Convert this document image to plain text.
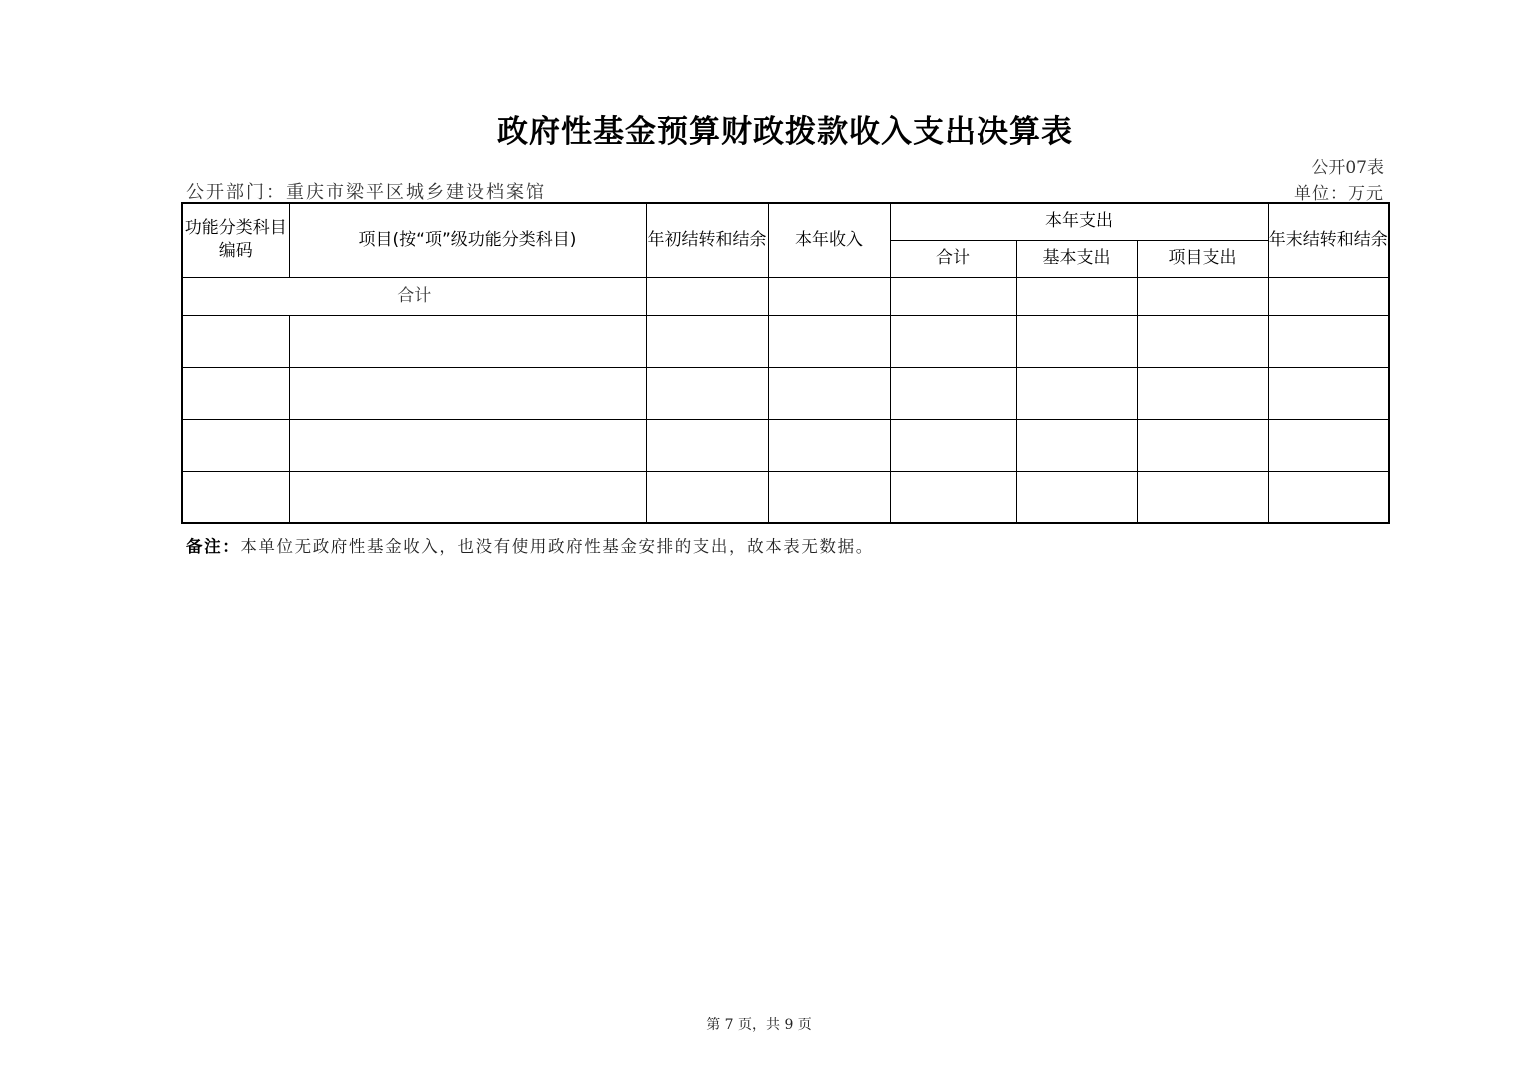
政府性基金预算财政拨款收入支出决算表
公开07表
公开部门：重庆市梁平区城乡建设档案馆	单位：万元
功能分类科目编码	项目(按“项”级功能分类科目)	年初结转和结余	本年收入	本年支出			年末结转和结余
				合计	基本支出	项目支出	
合计							

备注：本单位无政府性基金收入，也没有使用政府性基金安排的支出，故本表无数据。
第 7 页，共 9 页
